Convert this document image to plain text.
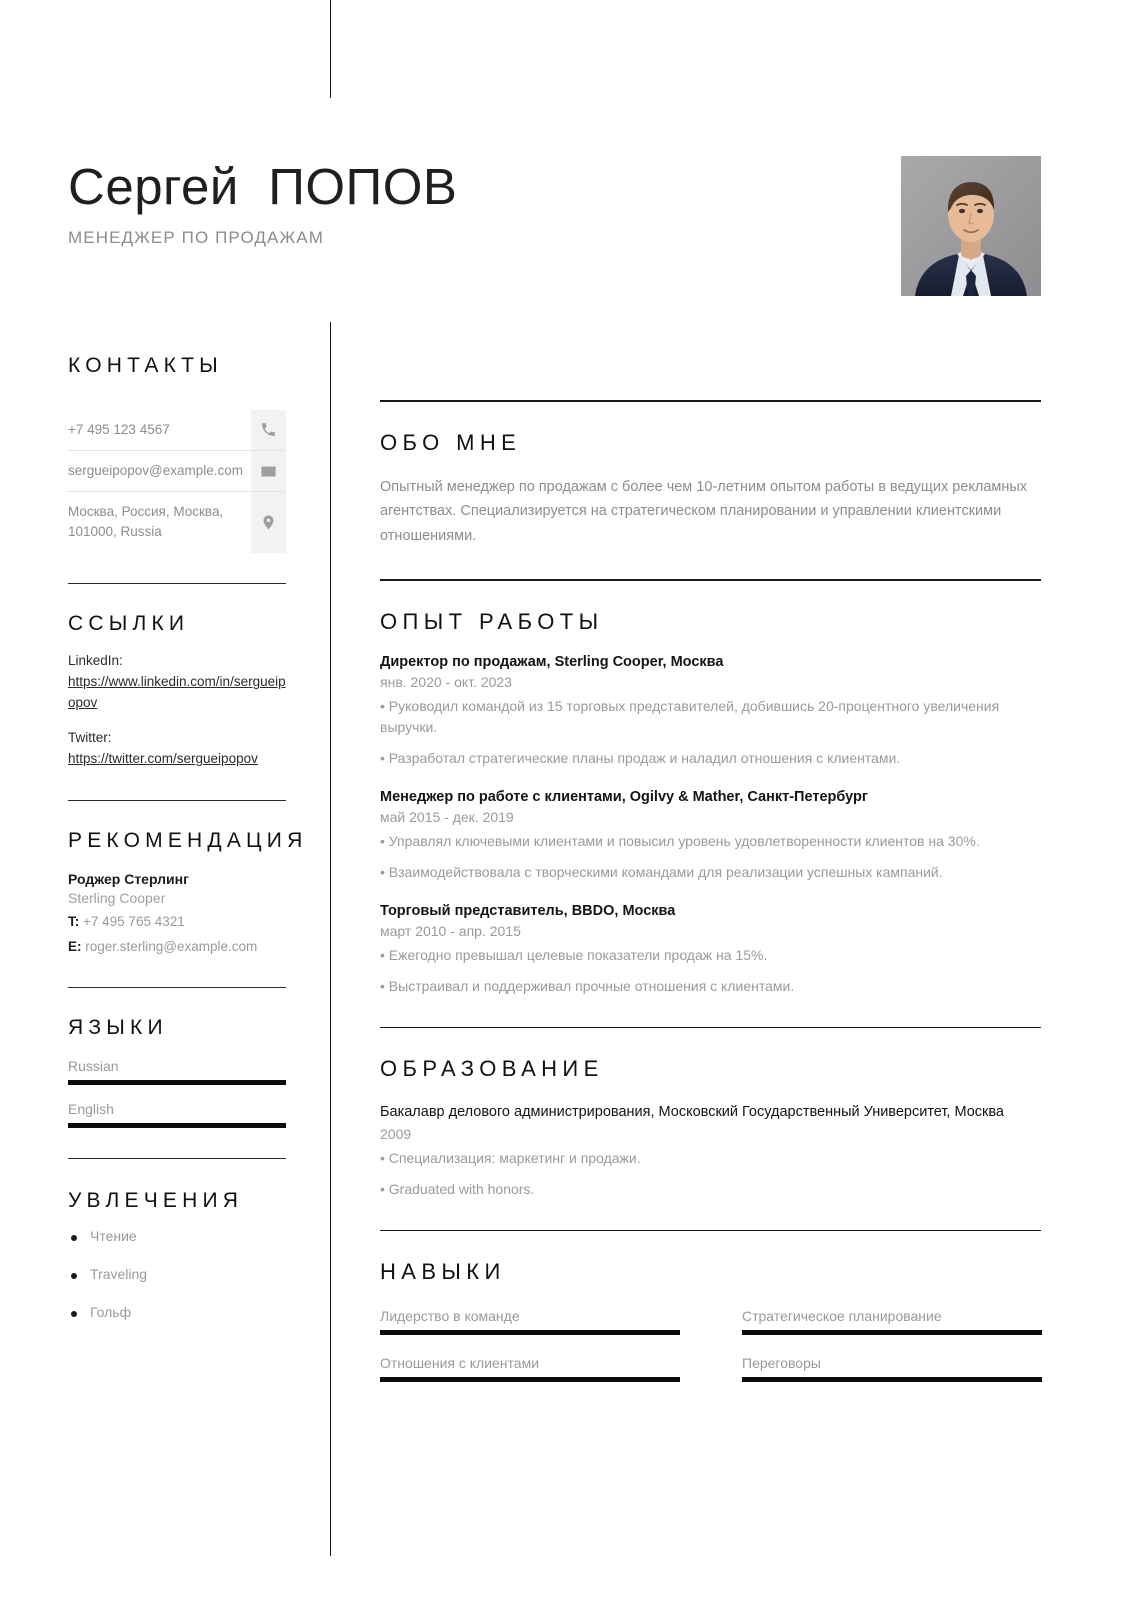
Сергей  ПОПОВ
МЕНЕДЖЕР ПО ПРОДАЖАМ
КОНТАКТЫ
+7 495 123 4567
sergueipopov@example.com
Москва, Россия, Москва, 101000, Russia
ССЫЛКИ
LinkedIn:
https://www.linkedin.com/in/sergueipopov
Twitter:
https://twitter.com/sergueipopov
РЕКОМЕНДАЦИЯ
Роджер Стерлинг
Sterling Cooper
T: +7 495 765 4321
E: roger.sterling@example.com
ЯЗЫКИ
Russian
English
УВЛЕЧЕНИЯ
Чтение
Traveling
Гольф
ОБО МНЕ
Опытный менеджер по продажам с более чем 10-летним опытом работы в ведущих рекламных агентствах. Специализируется на стратегическом планировании и управлении клиентскими отношениями.
ОПЫТ РАБОТЫ
Директор по продажам, Sterling Cooper, Москва
янв. 2020 - окт. 2023
• Руководил командой из 15 торговых представителей, добившись 20-процентного увеличения выручки.
• Разработал стратегические планы продаж и наладил отношения с клиентами.
Менеджер по работе с клиентами, Ogilvy & Mather, Санкт-Петербург
май 2015 - дек. 2019
• Управлял ключевыми клиентами и повысил уровень удовлетворенности клиентов на 30%.
• Взаимодействовала с творческими командами для реализации успешных кампаний.
Торговый представитель, BBDO, Москва
март 2010 - апр. 2015
• Ежегодно превышал целевые показатели продаж на 15%.
• Выстраивал и поддерживал прочные отношения с клиентами.
ОБРАЗОВАНИЕ
Бакалавр делового администрирования, Московский Государственный Университет, Москва
2009
• Специализация: маркетинг и продажи.
• Graduated with honors.
НАВЫКИ
Лидерство в команде	Стратегическое планирование
Отношения с клиентами	Переговоры
